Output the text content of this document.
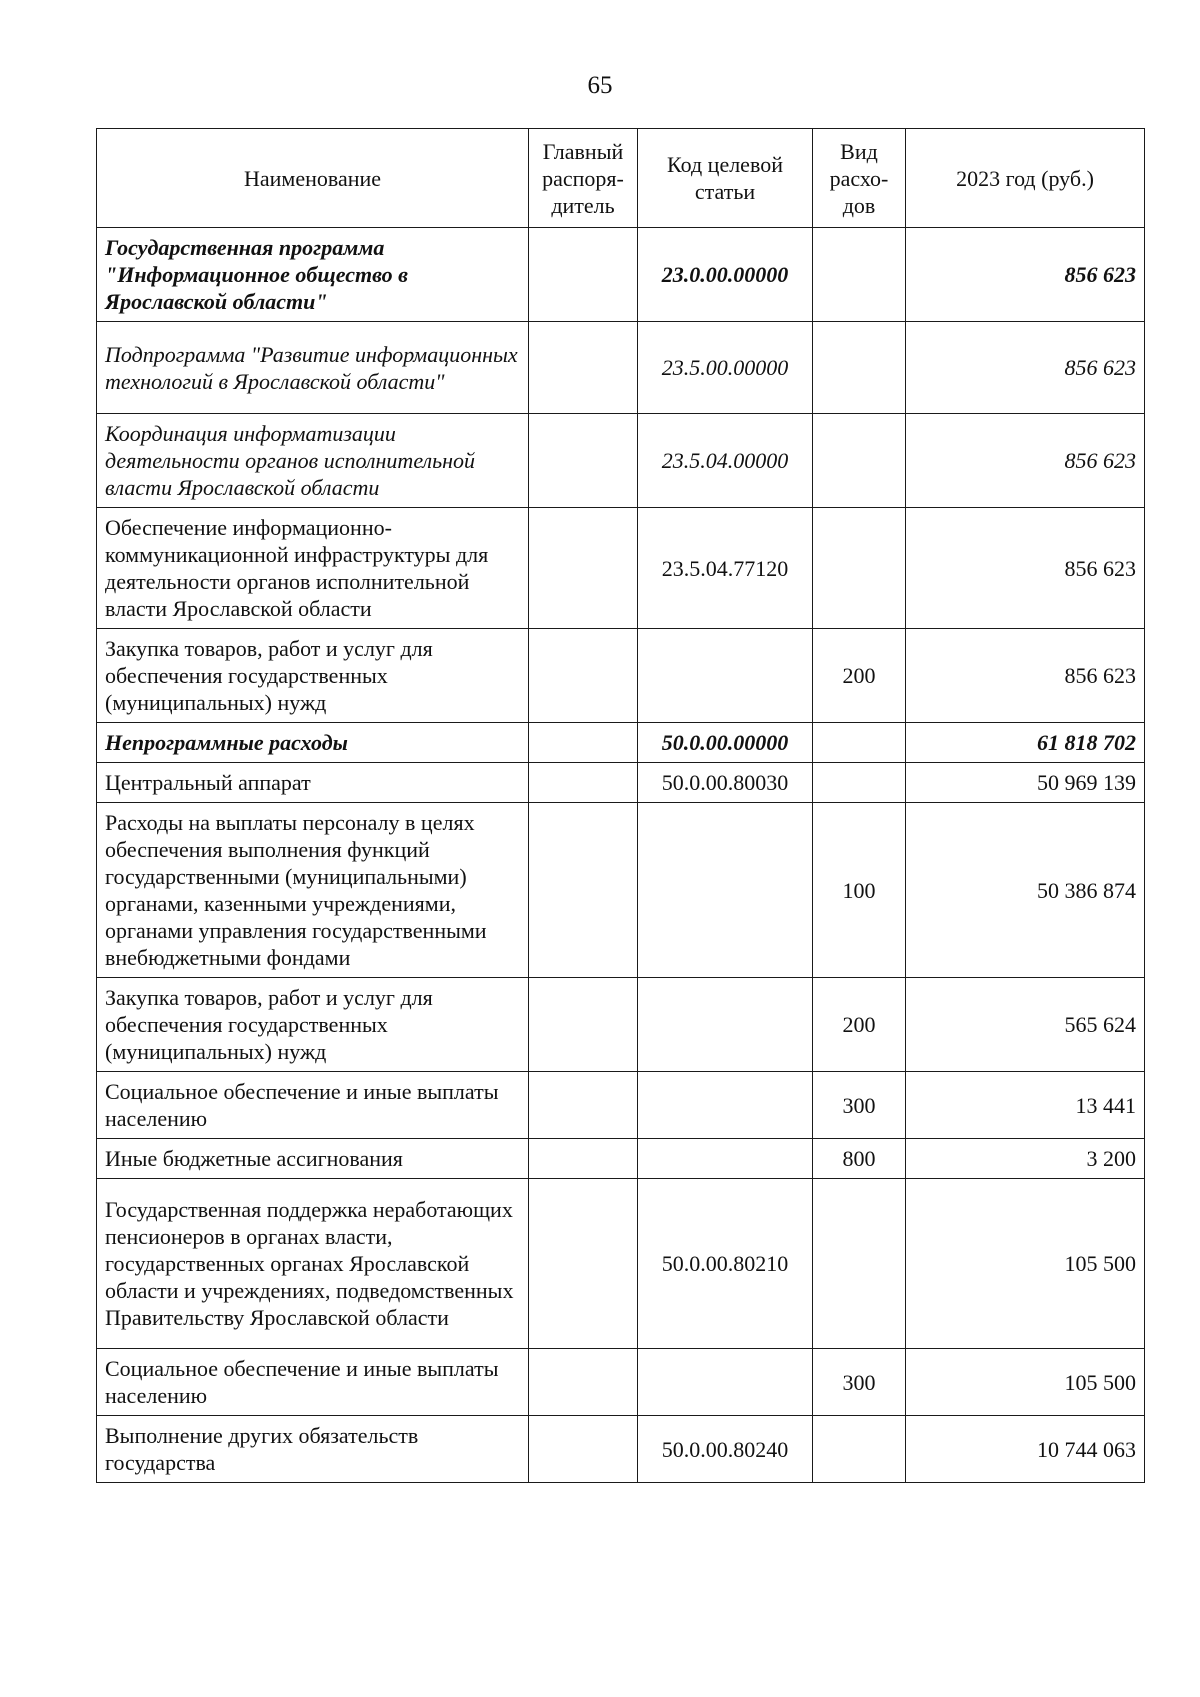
65
Наименование	Главный распоря-дитель	Код целевой статьи	Вид расхо-дов	2023 год (руб.)
Государственная программа "Информационное общество в Ярославской области"		23.0.00.00000		856 623
Подпрограмма "Развитие информационных технологий в Ярославской области"		23.5.00.00000		856 623
Координация информатизации деятельности органов исполнительной власти Ярославской области		23.5.04.00000		856 623
Обеспечение информационно-коммуникационной инфраструктуры для деятельности органов исполнительной власти Ярославской области		23.5.04.77120		856 623
Закупка товаров, работ и услуг для обеспечения государственных (муниципальных) нужд			200	856 623
Непрограммные расходы		50.0.00.00000		61 818 702
Центральный аппарат		50.0.00.80030		50 969 139
Расходы на выплаты персоналу в целях обеспечения выполнения функций государственными (муниципальными) органами, казенными учреждениями, органами управления государственными внебюджетными фондами			100	50 386 874
Закупка товаров, работ и услуг для обеспечения государственных (муниципальных) нужд			200	565 624
Социальное обеспечение и иные выплаты населению			300	13 441
Иные бюджетные ассигнования			800	3 200
Государственная поддержка неработающих пенсионеров в органах власти, государственных органах Ярославской области и учреждениях, подведомственных Правительству Ярославской области		50.0.00.80210		105 500
Социальное обеспечение и иные выплаты населению			300	105 500
Выполнение других обязательств государства		50.0.00.80240		10 744 063
